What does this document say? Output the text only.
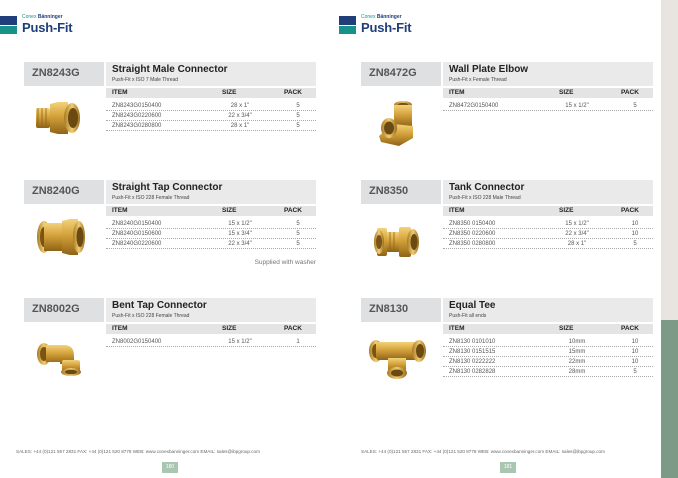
Conex Bänninger
Push-Fit
ZN8243G	Straight Male Connector
Push-Fit x ISO 7 Male Thread
ITEM	SIZE	PACK
ZN8243G0150400	28 x 1"	5
ZN8243G0220600	22 x 3/4"	5
ZN8243G0280800	28 x 1"	5
ZN8240G	Straight Tap Connector
Push-Fit x ISO 228 Female Thread
ITEM	SIZE	PACK
ZN8240G0150400	15 x 1/2"	5
ZN8240G0150600	15 x 3/4"	5
ZN8240G0220600	22 x 3/4"	5
Supplied with washer
ZN8002G	Bent Tap Connector
Push-Fit x ISO 228 Female Thread
ITEM	SIZE	PACK
ZN8002G0150400	15 x 1/2"	1
SALES: +44 (0)121 557 2831 FAX: +44 (0)121 520 8778 WEB: www.conexbanninger.com EMAIL: sales@ibpgroup.com
180
Conex Bänninger
Push-Fit
ZN8472G	Wall Plate Elbow
Push-Fit x Female Thread
ITEM	SIZE	PACK
ZN8472G0150400	15 x 1/2"	5
ZN8350	Tank Connector
Push-Fit x ISO 228 Male Thread
ITEM	SIZE	PACK
ZN8350 0150400	15 x 1/2"	10
ZN8350 0220600	22 x 3/4"	10
ZN8350 0280800	28 x 1"	5
ZN8130	Equal Tee
Push-Fit all ends
ITEM	SIZE	PACK
ZN8130 0101010	10mm	10
ZN8130 0151515	15mm	10
ZN8130 0222222	22mm	10
ZN8130 0282828	28mm	5
SALES: +44 (0)121 557 2831 FAX: +44 (0)121 520 8778 WEB: www.conexbanninger.com EMAIL: sales@ibpgroup.com
181
